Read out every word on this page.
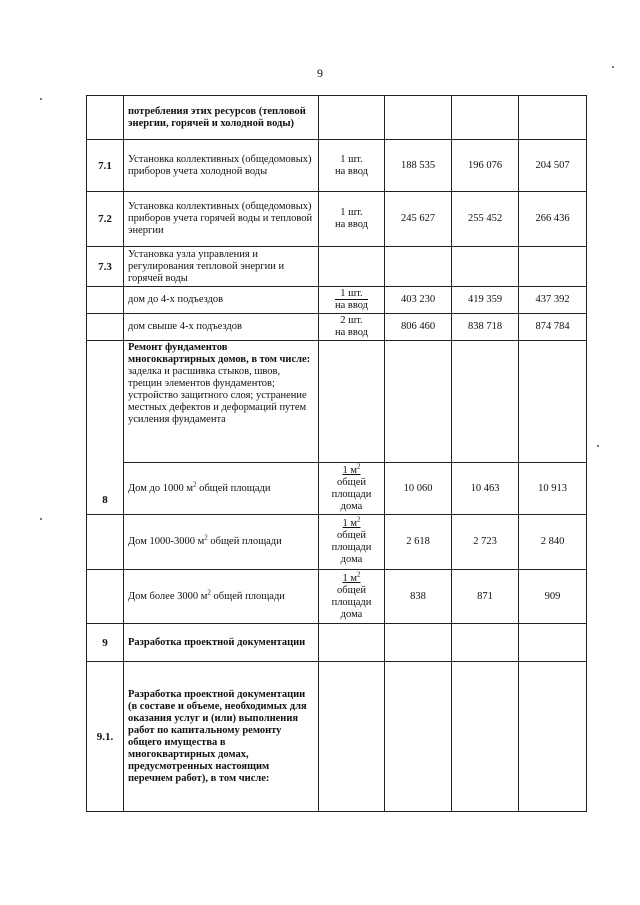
9
	потребления этих ресурсов (тепловой энергии, горячей и холодной воды)				
7.1	Установка коллективных (общедомовых) приборов учета холодной воды	1 шт.
на ввод	188 535	196 076	204 507
7.2	Установка коллективных (общедомовых) приборов учета горячей воды и тепловой энергии	1 шт.
на ввод	245 627	255 452	266 436
7.3	Установка узла управления и регулирования тепловой энергии и горячей воды				
	дом до 4-х подъездов	1 шт.
на ввод	403 230	419 359	437 392
	дом свыше 4-х подъездов	2 шт.
на ввод	806 460	838 718	874 784
8	Ремонт фундаментов многоквартирных домов, в том числе: заделка и расшивка стыков, швов, трещин элементов фундаментов; устройство защитного слоя; устранение местных дефектов и деформаций путем усиления фундамента				
	Дом до 1000 $м^2$ общей площади	1 $м^2$
общей
площади
дома	10 060	10 463	10 913
	Дом 1000-3000 $м^2$ общей площади	1 $м^2$
общей
площади
дома	2 618	2 723	2 840
	Дом более 3000 $м^2$ общей площади	1 $м^2$
общей
площади
дома	838	871	909
9	Разработка проектной документации				
9.1.	Разработка проектной документации (в составе и объеме, необходимых для оказания услуг и (или) выполнения работ по капитальному ремонту общего имущества в многоквартирных домах, предусмотренных настоящим перечнем работ), в том числе:				
